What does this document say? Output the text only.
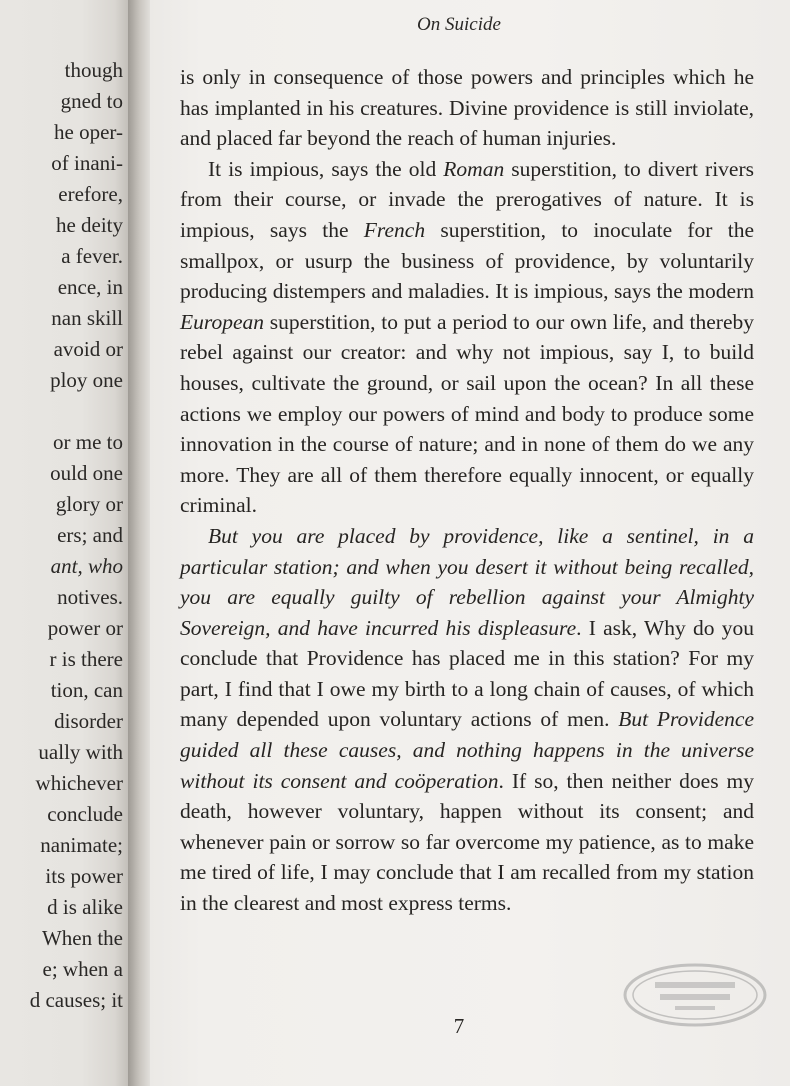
though
gned to
he oper-
of inani-
erefore,
he deity
a fever.
ence, in
nan skill
avoid or
ploy one
or me to
ould one
glory or
ers; and
ant, who
notives.
power or
r is there
tion, can
disorder
ually with
whichever
conclude
nanimate;
its power
d is alike
When the
e; when a
d causes; it
On Suicide

is only in consequence of those powers and principles which he has implanted in his creatures. Divine providence is still inviolate, and placed far beyond the reach of human injuries.

It is impious, says the old Roman superstition, to divert rivers from their course, or invade the prerogatives of nature. It is impious, says the French superstition, to inoculate for the smallpox, or usurp the business of providence, by voluntarily producing distempers and maladies. It is impious, says the modern European superstition, to put a period to our own life, and thereby rebel against our creator: and why not impious, say I, to build houses, cultivate the ground, or sail upon the ocean? In all these actions we employ our powers of mind and body to produce some innovation in the course of nature; and in none of them do we any more. They are all of them therefore equally innocent, or equally criminal.

But you are placed by providence, like a sentinel, in a particular station; and when you desert it without being recalled, you are equally guilty of rebellion against your Almighty Sovereign, and have incurred his displeasure. I ask, Why do you conclude that Providence has placed me in this station? For my part, I find that I owe my birth to a long chain of causes, of which many depended upon voluntary actions of men. But Providence guided all these causes, and nothing happens in the universe without its consent and coöperation. If so, then neither does my death, however voluntary, happen without its consent; and whenever pain or sorrow so far overcome my patience, as to make me tired of life, I may conclude that I am recalled from my station in the clearest and most express terms.

7
